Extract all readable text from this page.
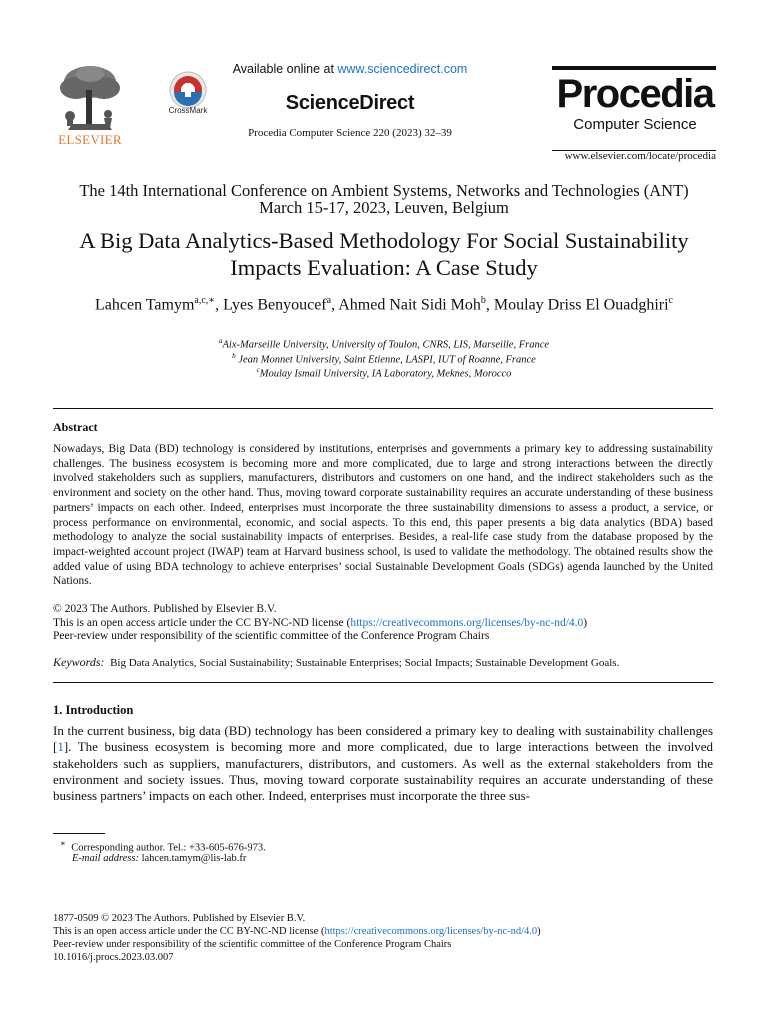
ELSEVIER
CrossMark
Available online at www.sciencedirect.com
ScienceDirect
Procedia Computer Science 220 (2023) 32–39
Procedia
Computer Science
www.elsevier.com/locate/procedia
The 14th International Conference on Ambient Systems, Networks and Technologies (ANT)
March 15-17, 2023, Leuven, Belgium
A Big Data Analytics-Based Methodology For Social Sustainability
Impacts Evaluation: A Case Study
Lahcen Tamym$^{a,c,∗}$, Lyes Benyoucef$^a$, Ahmed Nait Sidi Moh$^b$, Moulay Driss El Ouadghiri$^c$
$^a$Aix-Marseille University, University of Toulon, CNRS, LIS, Marseille, France
$^b$ Jean Monnet University, Saint Etienne, LASPI, IUT of Roanne, France
$^c$Moulay Ismail University, IA Laboratory, Meknes, Morocco
Abstract
Nowadays, Big Data (BD) technology is considered by institutions, enterprises and governments a primary key to addressing sustainability challenges. The business ecosystem is becoming more and more complicated, due to large and strong interactions between the directly involved stakeholders such as suppliers, manufacturers, distributors and customers on one hand, and the indirect stakeholders such as the environment and society on the other hand. Thus, moving toward corporate sustainability requires an accurate understanding of these business partners’ impacts on each other. Indeed, enterprises must incorporate the three sustainability dimensions to assess a product, a service, or process performance on environmental, economic, and social aspects. To this end, this paper presents a big data analytics (BDA) based methodology to analyze the social sustainability impacts of enterprises. Besides, a real-life case study from the database proposed by the impact-weighted account project (IWAP) team at Harvard business school, is used to validate the methodology. The obtained results show the added value of using BDA technology to achieve enterprises’ social Sustainable Development Goals (SDGs) agenda launched by the United Nations.
© 2023 The Authors. Published by Elsevier B.V.
This is an open access article under the CC BY-NC-ND license (https://creativecommons.org/licenses/by-nc-nd/4.0)
Peer-review under responsibility of the scientific committee of the Conference Program Chairs
Keywords: Big Data Analytics, Social Sustainability; Sustainable Enterprises; Social Impacts; Sustainable Development Goals.
1. Introduction
In the current business, big data (BD) technology has been considered a primary key to dealing with sustainability challenges [1]. The business ecosystem is becoming more and more complicated, due to large interactions between the involved stakeholders such as suppliers, manufacturers, distributors, and customers. As well as the external stakeholders from the environment and society issues. Thus, moving toward corporate sustainability requires an accurate understanding of these business partners’ impacts on each other. Indeed, enterprises must incorporate the three sus-
∗ Corresponding author. Tel.: +33-605-676-973.
E-mail address: lahcen.tamym@lis-lab.fr
1877-0509 © 2023 The Authors. Published by Elsevier B.V.
This is an open access article under the CC BY-NC-ND license (https://creativecommons.org/licenses/by-nc-nd/4.0)
Peer-review under responsibility of the scientific committee of the Conference Program Chairs
10.1016/j.procs.2023.03.007
